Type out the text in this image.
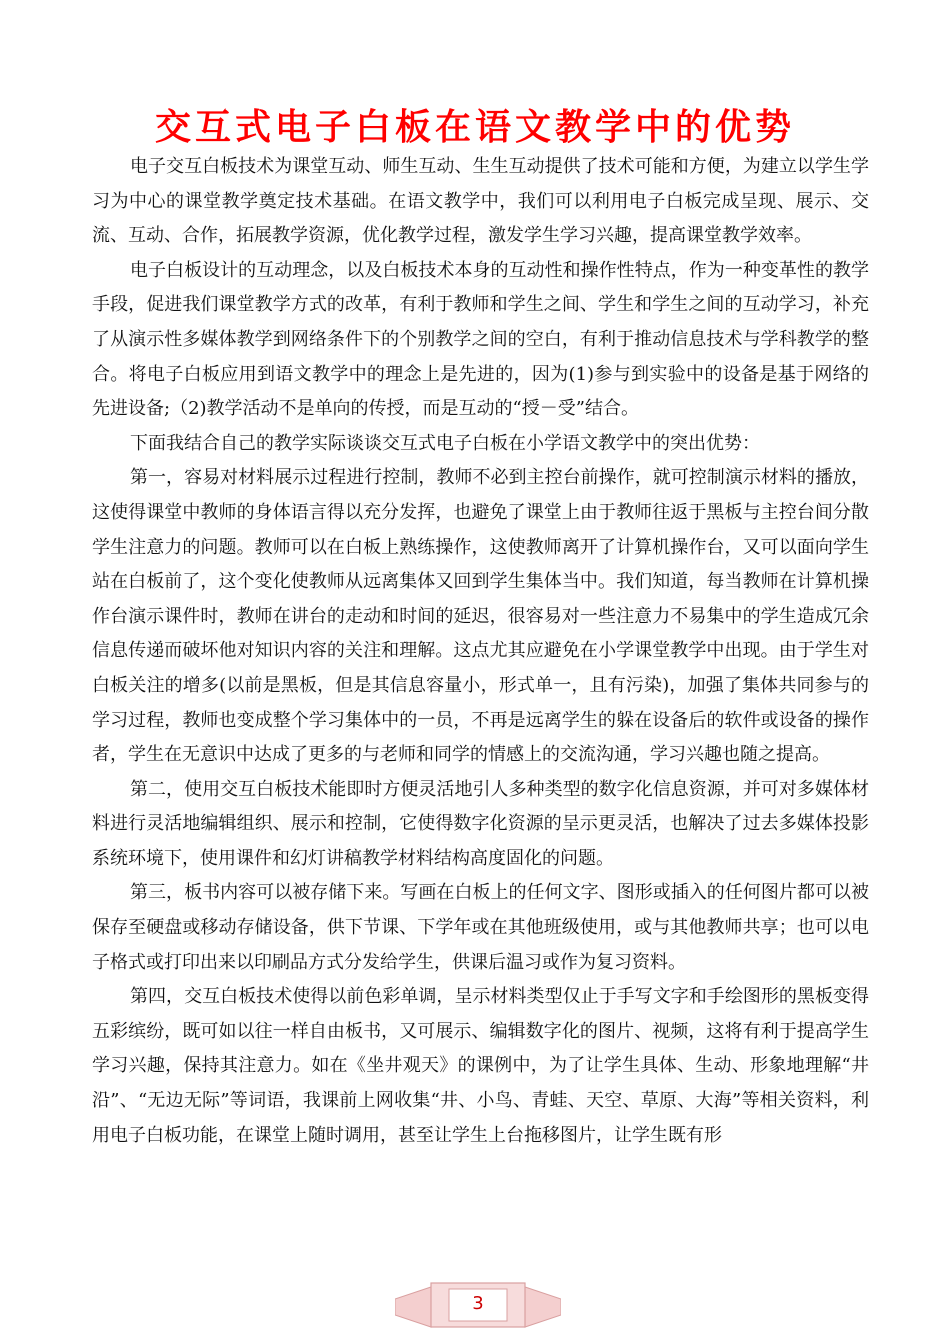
交互式电子白板在语文教学中的优势

电子交互白板技术为课堂互动、师生互动、生生互动提供了技术可能和方便，为建立以学生学习为中心的课堂教学奠定技术基础。在语文教学中，我们可以利用电子白板完成呈现、展示、交流、互动、合作，拓展教学资源，优化教学过程，激发学生学习兴趣，提高课堂教学效率。

电子白板设计的互动理念，以及白板技术本身的互动性和操作性特点，作为一种变革性的教学手段，促进我们课堂教学方式的改革，有利于教师和学生之间、学生和学生之间的互动学习，补充了从演示性多媒体教学到网络条件下的个别教学之间的空白，有利于推动信息技术与学科教学的整合。将电子白板应用到语文教学中的理念上是先进的，因为(1)参与到实验中的设备是基于网络的先进设备;（2)教学活动不是单向的传授，而是互动的“授－受”结合。

下面我结合自己的教学实际谈谈交互式电子白板在小学语文教学中的突出优势：

第一，容易对材料展示过程进行控制，教师不必到主控台前操作，就可控制演示材料的播放，这使得课堂中教师的身体语言得以充分发挥，也避免了课堂上由于教师往返于黑板与主控台间分散学生注意力的问题。教师可以在白板上熟练操作，这使教师离开了计算机操作台，又可以面向学生站在白板前了，这个变化使教师从远离集体又回到学生集体当中。我们知道，每当教师在计算机操作台演示课件时，教师在讲台的走动和时间的延迟，很容易对一些注意力不易集中的学生造成冗余信息传递而破坏他对知识内容的关注和理解。这点尤其应避免在小学课堂教学中出现。由于学生对白板关注的增多(以前是黑板，但是其信息容量小，形式单一，且有污染)，加强了集体共同参与的学习过程，教师也变成整个学习集体中的一员，不再是远离学生的躲在设备后的软件或设备的操作者，学生在无意识中达成了更多的与老师和同学的情感上的交流沟通，学习兴趣也随之提高。

第二，使用交互白板技术能即时方便灵活地引人多种类型的数字化信息资源，并可对多媒体材料进行灵活地编辑组织、展示和控制，它使得数字化资源的呈示更灵活，也解决了过去多媒体投影系统环境下，使用课件和幻灯讲稿教学材料结构高度固化的问题。

第三，板书内容可以被存储下来。写画在白板上的任何文字、图形或插入的任何图片都可以被保存至硬盘或移动存储设备，供下节课、下学年或在其他班级使用，或与其他教师共享；也可以电子格式或打印出来以印刷品方式分发给学生，供课后温习或作为复习资料。

第四，交互白板技术使得以前色彩单调，呈示材料类型仅止于手写文字和手绘图形的黑板变得五彩缤纷，既可如以往一样自由板书，又可展示、编辑数字化的图片、视频，这将有利于提高学生学习兴趣，保持其注意力。如在《坐井观天》的课例中，为了让学生具体、生动、形象地理解“井沿”、“无边无际”等词语，我课前上网收集“井、小鸟、青蛙、天空、草原、大海”等相关资料，利用电子白板功能，在课堂上随时调用，甚至让学生上台拖移图片，让学生既有形

3
